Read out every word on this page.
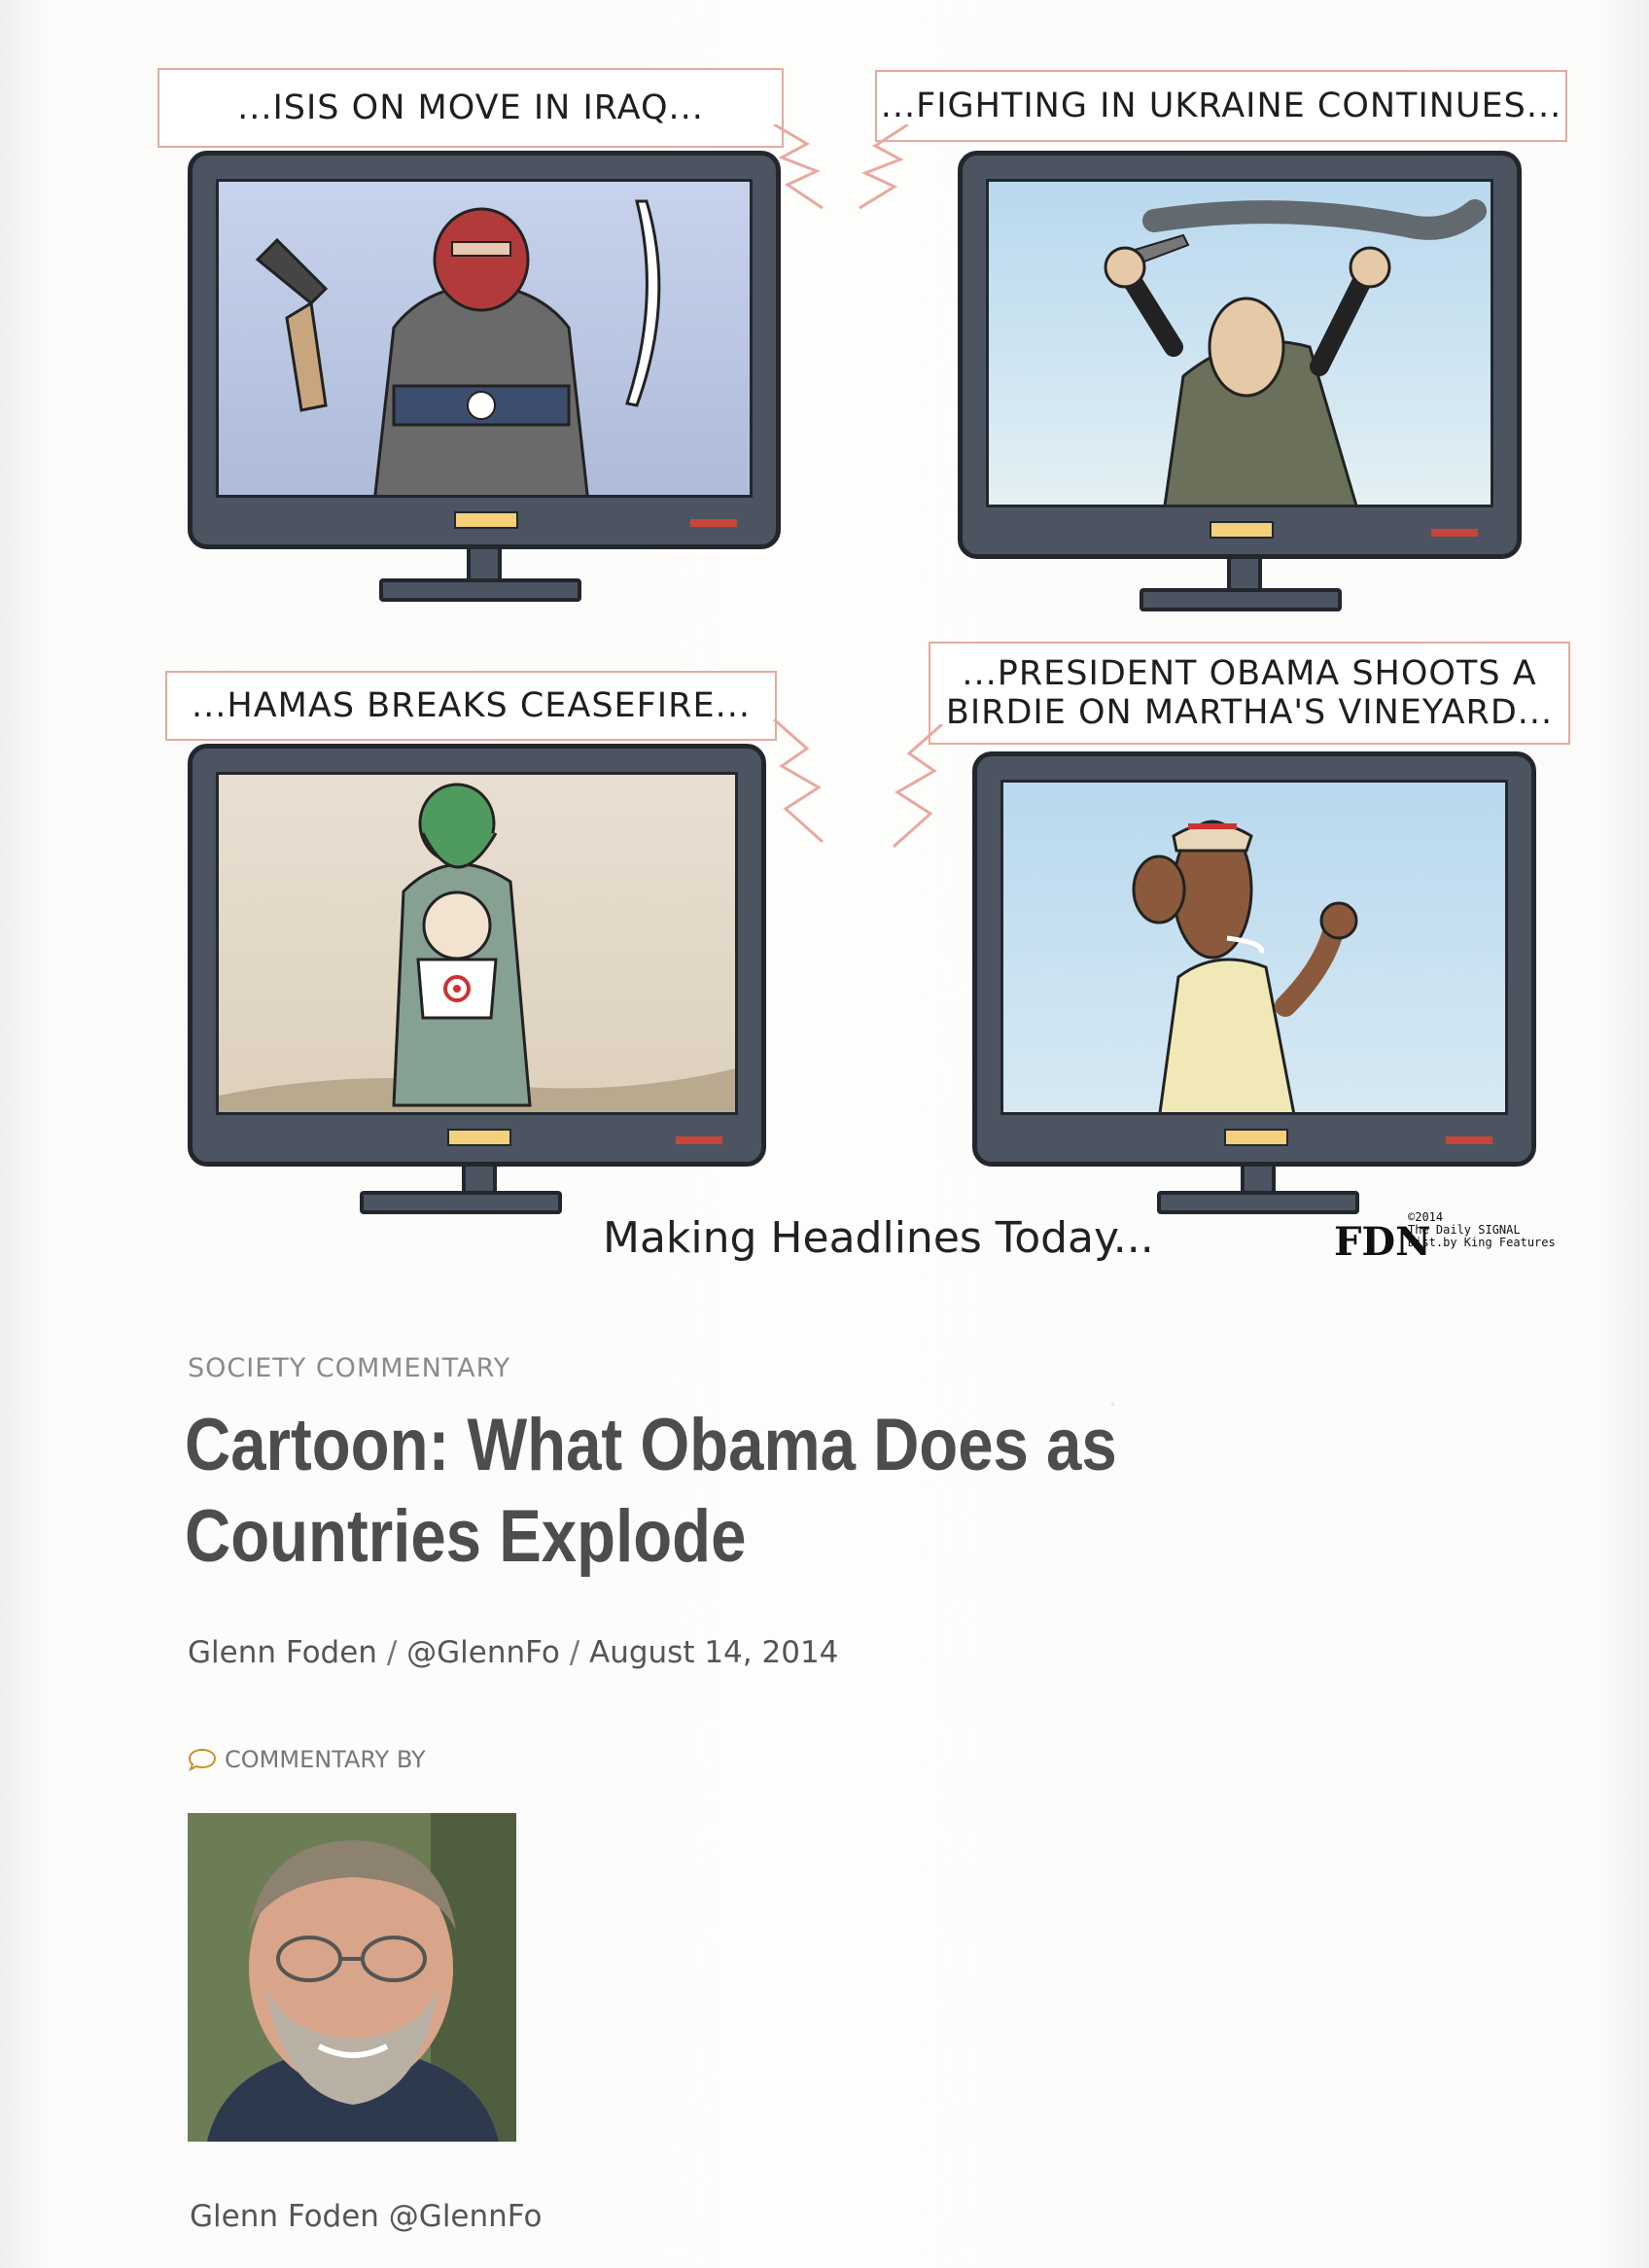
.
...ISIS ON MOVE IN IRAQ...	...FIGHTING IN UKRAINE CONTINUES...
...HAMAS BREAKS CEASEFIRE...
...PRESIDENT OBAMA SHOOTS A BIRDIE ON MARTHA'S VINEYARD...
Making Headlines Today...	FDN
©2014
The Daily SIGNAL
Dist.by King Features
SOCIETY COMMENTARY
Cartoon: What Obama Does as Countries Explode
Glenn Foden / @GlennFo / August 14, 2014
COMMENTARY BY
Glenn Foden @GlennFo
